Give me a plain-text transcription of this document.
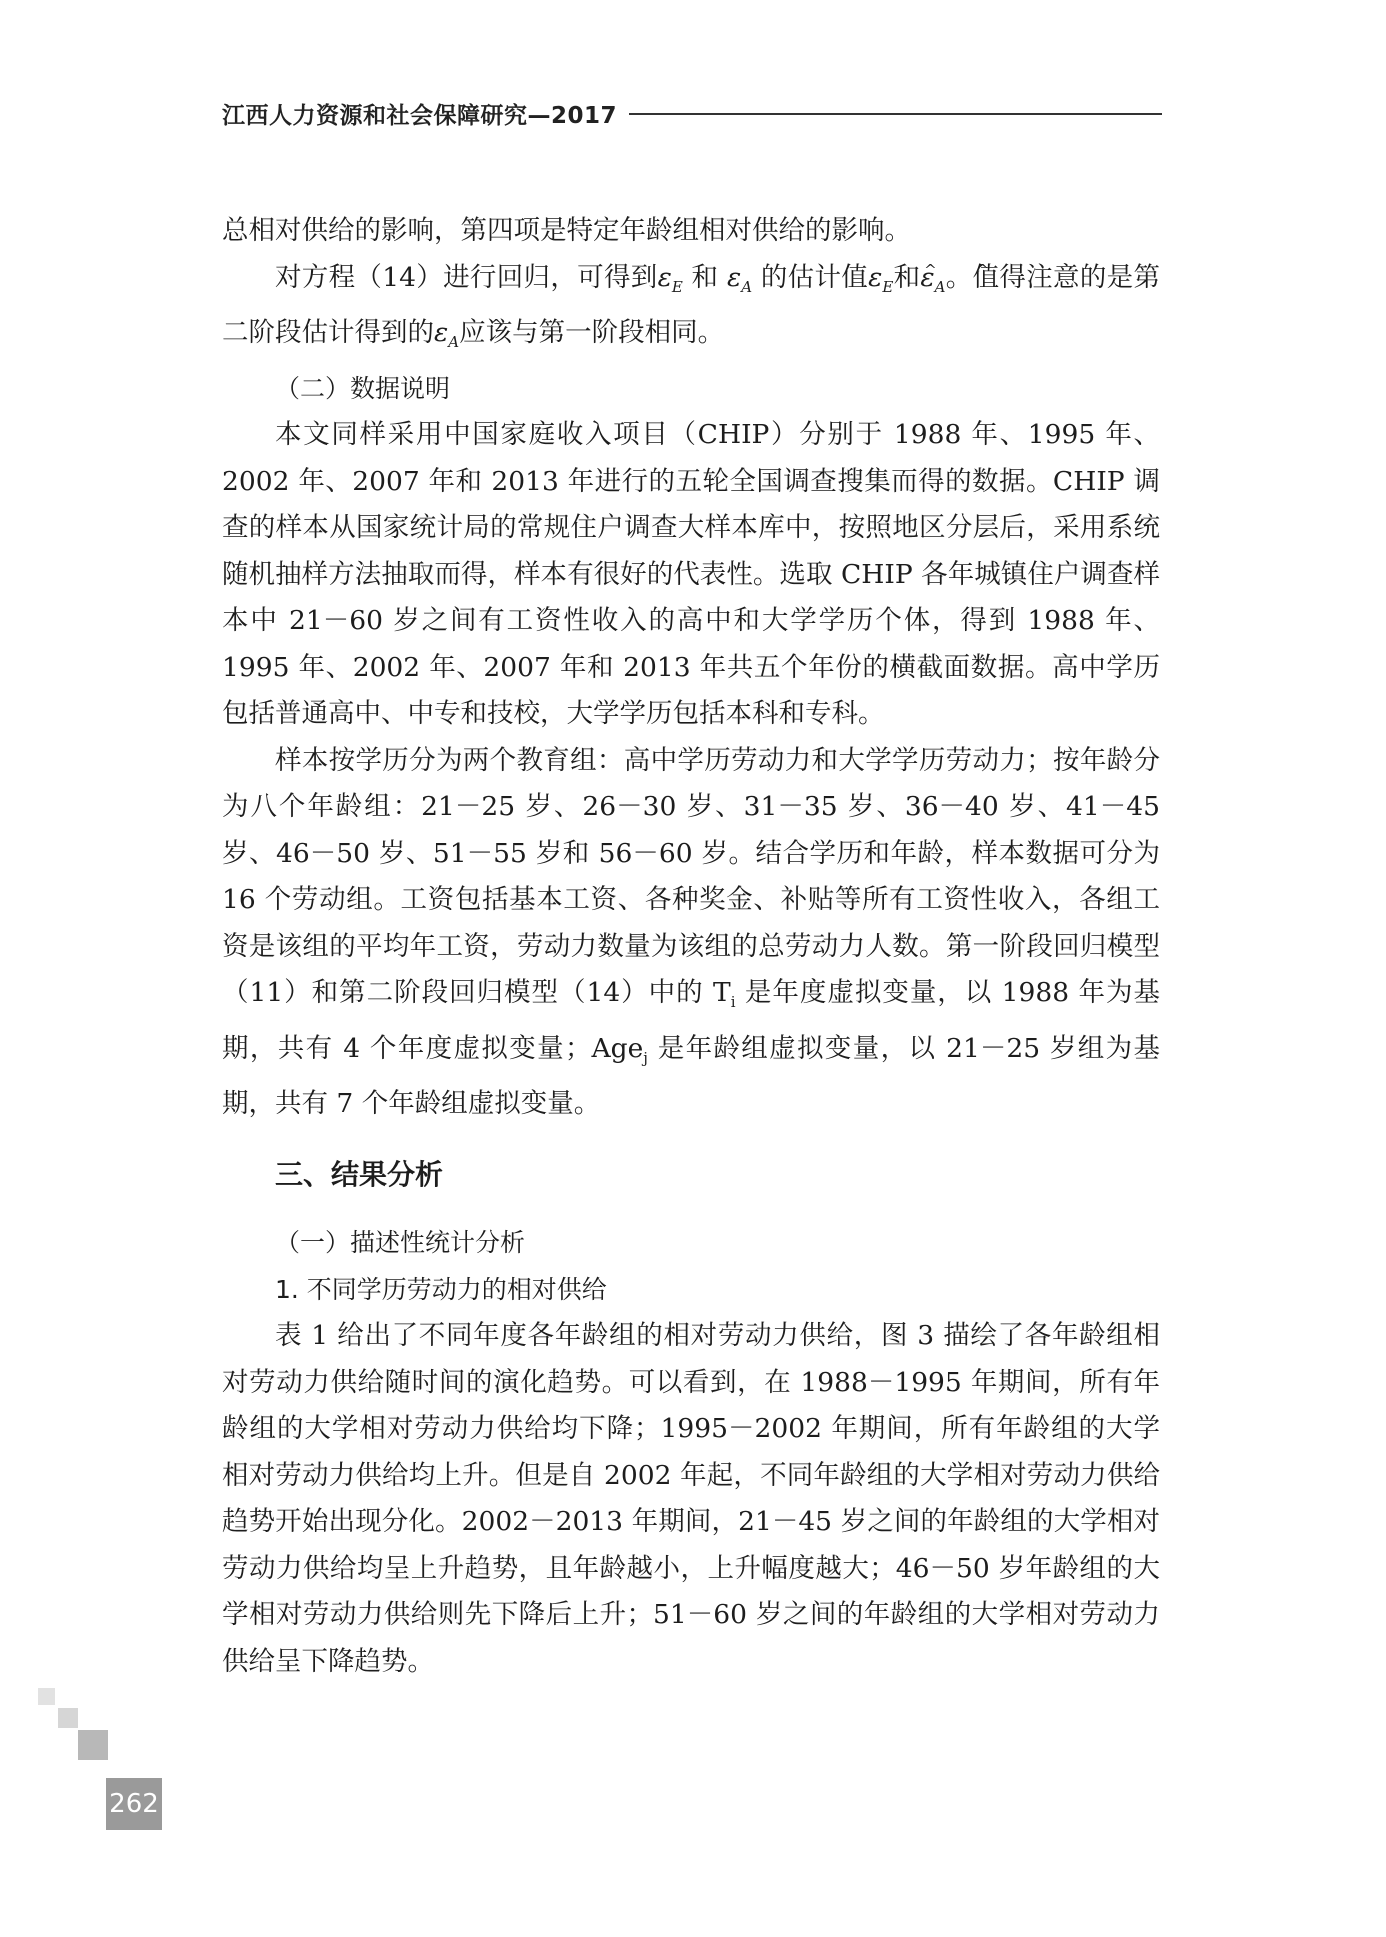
江西人力资源和社会保障研究—2017

总相对供给的影响，第四项是特定年龄组相对供给的影响。

对方程（14）进行回归，可得到$\varepsilon_E$ 和 $\varepsilon_A$ 的估计值^ $\varepsilon_E$和^ $\varepsilon_A$。值得注意的是第二阶段估计得到的^ $\varepsilon_A$应该与第一阶段相同。

（二）数据说明

本文同样采用中国家庭收入项目（CHIP）分别于 1988 年、1995 年、2002 年、2007 年和 2013 年进行的五轮全国调查搜集而得的数据。CHIP 调查的样本从国家统计局的常规住户调查大样本库中，按照地区分层后，采用系统随机抽样方法抽取而得，样本有很好的代表性。选取 CHIP 各年城镇住户调查样本中 21－60 岁之间有工资性收入的高中和大学学历个体，得到 1988 年、1995 年、2002 年、2007 年和 2013 年共五个年份的横截面数据。高中学历包括普通高中、中专和技校，大学学历包括本科和专科。

样本按学历分为两个教育组：高中学历劳动力和大学学历劳动力；按年龄分为八个年龄组：21－25 岁、26－30 岁、31－35 岁、36－40 岁、41－45 岁、46－50 岁、51－55 岁和 56－60 岁。结合学历和年龄，样本数据可分为 16 个劳动组。工资包括基本工资、各种奖金、补贴等所有工资性收入，各组工资是该组的平均年工资，劳动力数量为该组的总劳动力人数。第一阶段回归模型（11）和第二阶段回归模型（14）中的 $T_i$ 是年度虚拟变量，以 1988 年为基期，共有 4 个年度虚拟变量；Age$_j$ 是年龄组虚拟变量，以 21－25 岁组为基期，共有 7 个年龄组虚拟变量。

三、结果分析

（一）描述性统计分析

1. 不同学历劳动力的相对供给

表 1 给出了不同年度各年龄组的相对劳动力供给，图 3 描绘了各年龄组相对劳动力供给随时间的演化趋势。可以看到，在 1988－1995 年期间，所有年龄组的大学相对劳动力供给均下降；1995－2002 年期间，所有年龄组的大学相对劳动力供给均上升。但是自 2002 年起，不同年龄组的大学相对劳动力供给趋势开始出现分化。2002－2013 年期间，21－45 岁之间的年龄组的大学相对劳动力供给均呈上升趋势，且年龄越小，上升幅度越大；46－50 岁年龄组的大学相对劳动力供给则先下降后上升；51－60 岁之间的年龄组的大学相对劳动力供给呈下降趋势。

262
